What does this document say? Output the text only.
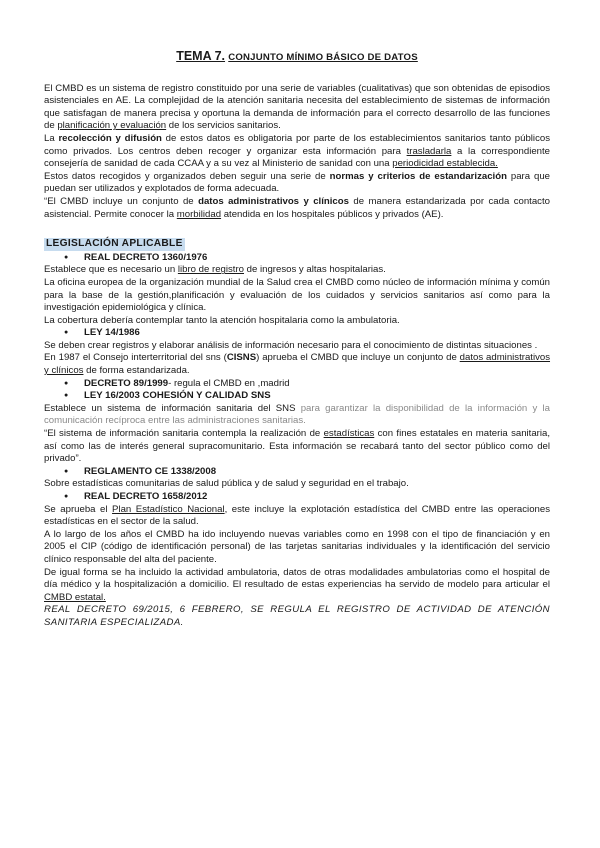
TEMA 7. CONJUNTO MÍNIMO BÁSICO DE DATOS

El CMBD es un sistema de registro constituido por una serie de variables (cualitativas) que son obtenidas de episodios asistenciales en AE. La complejidad de la atención sanitaria necesita del establecimiento de sistemas de información que satisfagan de manera precisa y oportuna la demanda de información para el correcto desarrollo de las funciones de planificación y evaluación de los servicios sanitarios.

La recolección y difusión de estos datos es obligatoria por parte de los establecimientos sanitarios tanto públicos como privados. Los centros deben recoger y organizar esta información para trasladarla a la correspondiente consejería de sanidad de cada CCAA y a su vez al Ministerio de sanidad con una periodicidad establecida.

Estos datos recogidos y organizados deben seguir una serie de normas y criterios de estandarización para que puedan ser utilizados y explotados de forma adecuada.

“El CMBD incluye un conjunto de datos administrativos y clínicos de manera estandarizada por cada contacto asistencial. Permite conocer la morbilidad atendida en los hospitales públicos y privados (AE).

LEGISLACIÓN APLICABLE
● REAL DECRETO 1360/1976

Establece que es necesario un libro de registro de ingresos y altas hospitalarias.

La oficina europea de la organización mundial de la Salud crea el CMBD como núcleo de información mínima y común para la base de la gestión,planificación y evaluación de los cuidados y servicios sanitarios así como para la investigación epidemiológica y clínica.

La cobertura debería contemplar tanto la atención hospitalaria como la ambulatoria.

● LEY 14/1986

Se deben crear registros y elaborar análisis de información necesario para el conocimiento de distintas situaciones .

En 1987 el Consejo interterritorial del sns (CISNS) aprueba el CMBD que incluye un conjunto de datos administrativos y clínicos de forma estandarizada.

● DECRETO 89/1999- regula el CMBD en ,madrid
● LEY 16/2003 COHESIÓN Y CALIDAD SNS

Establece un sistema de información sanitaria del SNS para garantizar la disponibilidad de la información y la comunicación recíproca entre las administraciones sanitarias.

“El sistema de información sanitaria contempla la realización de estadísticas con fines estatales en materia sanitaria, así como las de interés general supracomunitario. Esta información se recabará tanto del sector público como del privado”.

● REGLAMENTO CE 1338/2008

Sobre estadísticas comunitarias de salud pública y de salud y seguridad en el trabajo.

● REAL DECRETO 1658/2012

Se aprueba el Plan Estadístico Nacional, este incluye la explotación estadística del CMBD entre las operaciones estadísticas en el sector de la salud.

A lo largo de los años el CMBD ha ido incluyendo nuevas variables como en 1998 con el tipo de financiación y en 2005 el CIP (código de identificación personal) de las tarjetas sanitarias individuales y la identificación del servicio clínico responsable del alta del paciente.

De igual forma se ha incluido la actividad ambulatoria, datos de otras modalidades ambulatorias como el hospital de día médico y la hospitalización a domicilio. El resultado de estas experiencias ha servido de modelo para articular el CMBD estatal.

REAL DECRETO 69/2015, 6 FEBRERO, SE REGULA EL REGISTRO DE ACTIVIDAD DE ATENCIÓN SANITARIA ESPECIALIZADA.
